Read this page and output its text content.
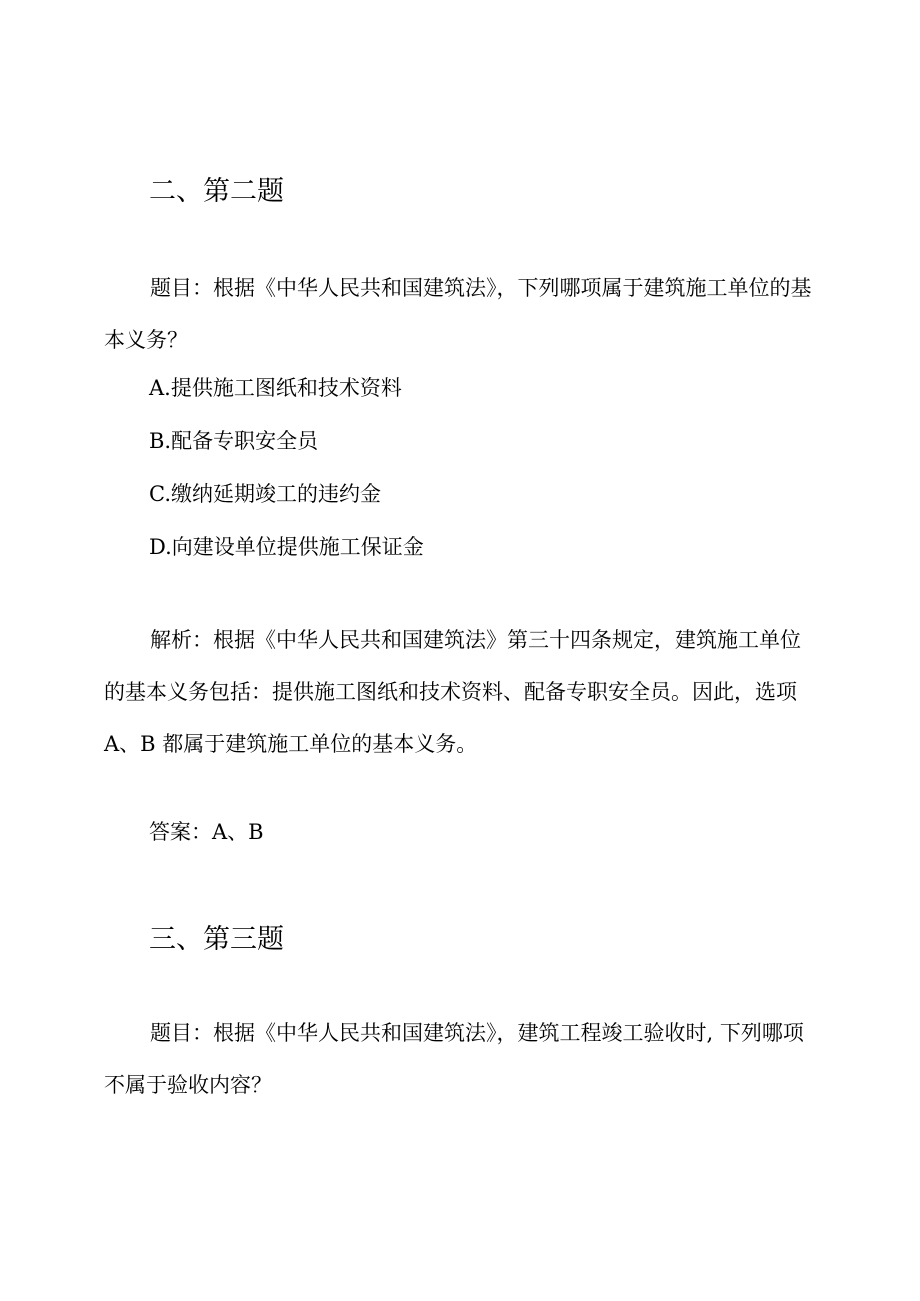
二、第二题

题目：根据《中华人民共和国建筑法》，下列哪项属于建筑施工单位的基本义务？

A.提供施工图纸和技术资料

B.配备专职安全员

C.缴纳延期竣工的违约金

D.向建设单位提供施工保证金

解析：根据《中华人民共和国建筑法》第三十四条规定，建筑施工单位的基本义务包括：提供施工图纸和技术资料、配备专职安全员。因此，选项 A、B 都属于建筑施工单位的基本义务。

答案：A、B

三、第三题

题目：根据《中华人民共和国建筑法》，建筑工程竣工验收时, 下列哪项不属于验收内容？
